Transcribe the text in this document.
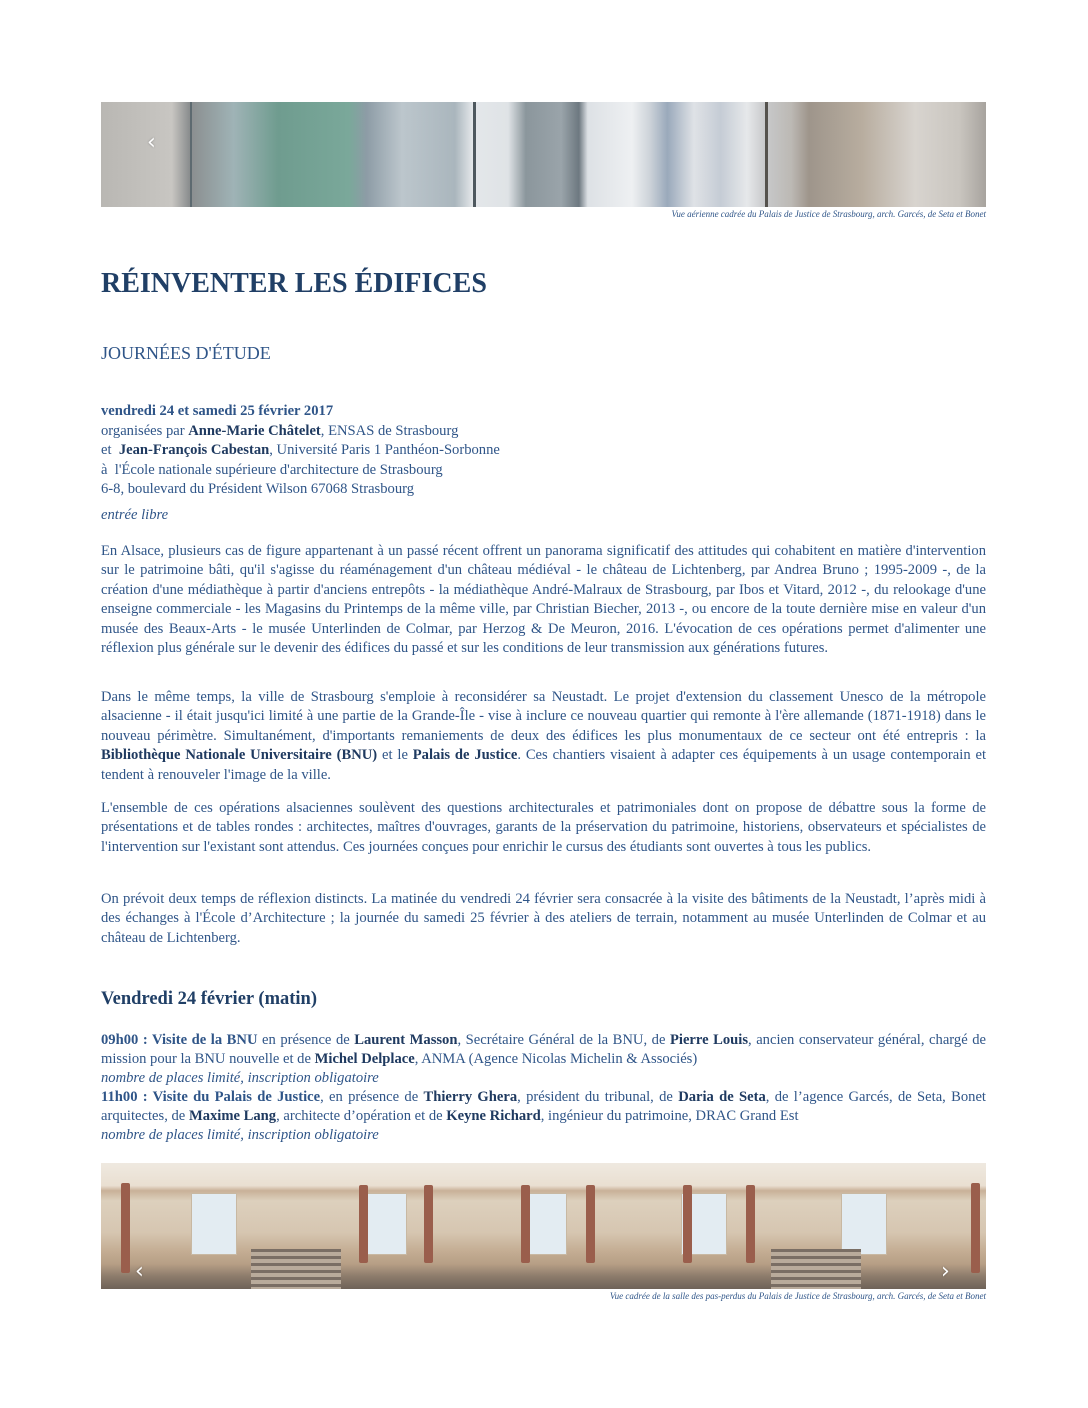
‹
Vue aérienne cadrée du Palais de Justice de Strasbourg, arch. Garcés, de Seta et Bonet
RÉINVENTER LES ÉDIFICES
JOURNÉES D'ÉTUDE
vendredi 24 et samedi 25 février 2017
organisées par Anne-Marie Châtelet, ENSAS de Strasbourg
et  Jean-François Cabestan, Université Paris 1 Panthéon-Sorbonne
à  l'École nationale supérieure d'architecture de Strasbourg
6-8, boulevard du Président Wilson 67068 Strasbourg
entrée libre

En Alsace, plusieurs cas de figure appartenant à un passé récent offrent un panorama significatif des attitudes qui cohabitent en matière d'intervention sur le patrimoine bâti, qu'il s'agisse du réaménagement d'un château médiéval - le château de Lichtenberg, par Andrea Bruno ; 1995-2009 -, de la création d'une médiathèque à partir d'anciens entrepôts - la médiathèque André-Malraux de Strasbourg, par Ibos et Vitard, 2012 -, du relookage d'une enseigne commerciale - les Magasins du Printemps de la même ville, par Christian Biecher, 2013 -, ou encore de la toute dernière mise en valeur d'un musée des Beaux-Arts - le musée Unterlinden de Colmar, par Herzog & De Meuron, 2016. L'évocation de ces opérations permet d'alimenter une réflexion plus générale sur le devenir des édifices du passé et sur les conditions de leur transmission aux générations futures.

Dans le même temps, la ville de Strasbourg s'emploie à reconsidérer sa Neustadt. Le projet d'extension du classement Unesco de la métropole alsacienne - il était jusqu'ici limité à une partie de la Grande-Île - vise à inclure ce nouveau quartier qui remonte à l'ère allemande (1871-1918) dans le nouveau périmètre. Simultanément, d'importants remaniements de deux des édifices les plus monumentaux de ce secteur ont été entrepris : la Bibliothèque Nationale Universitaire (BNU) et le Palais de Justice. Ces chantiers visaient à adapter ces équipements à un usage contemporain et tendent à renouveler l'image de la ville.

L'ensemble de ces opérations alsaciennes soulèvent des questions architecturales et patrimoniales dont on propose de débattre sous la forme de présentations et de tables rondes : architectes, maîtres d'ouvrages, garants de la préservation du patrimoine, historiens, observateurs et spécialistes de l'intervention sur l'existant sont attendus. Ces journées conçues pour enrichir le cursus des étudiants sont ouvertes à tous les publics.

On prévoit deux temps de réflexion distincts. La matinée du vendredi 24 février sera consacrée à la visite des bâtiments de la Neustadt, l’après midi à des échanges à l'École d’Architecture ; la journée du samedi 25 février à des ateliers de terrain, notamment au musée Unterlinden de Colmar et au château de Lichtenberg.

Vendredi 24 février (matin)
09h00 : Visite de la BNU en présence de Laurent Masson, Secrétaire Général de la BNU, de Pierre Louis, ancien conservateur général, chargé de mission pour la BNU nouvelle et de Michel Delplace, ANMA (Agence Nicolas Michelin & Associés)
nombre de places limité, inscription obligatoire
11h00 : Visite du Palais de Justice, en présence de Thierry Ghera, président du tribunal, de Daria de Seta, de l’agence Garcés, de Seta, Bonet arquitectes, de Maxime Lang, architecte d’opération et de Keyne Richard, ingénieur du patrimoine, DRAC Grand Est
nombre de places limité, inscription obligatoire
‹	›
Vue cadrée de la salle des pas-perdus du Palais de Justice de Strasbourg, arch. Garcés, de Seta et Bonet
